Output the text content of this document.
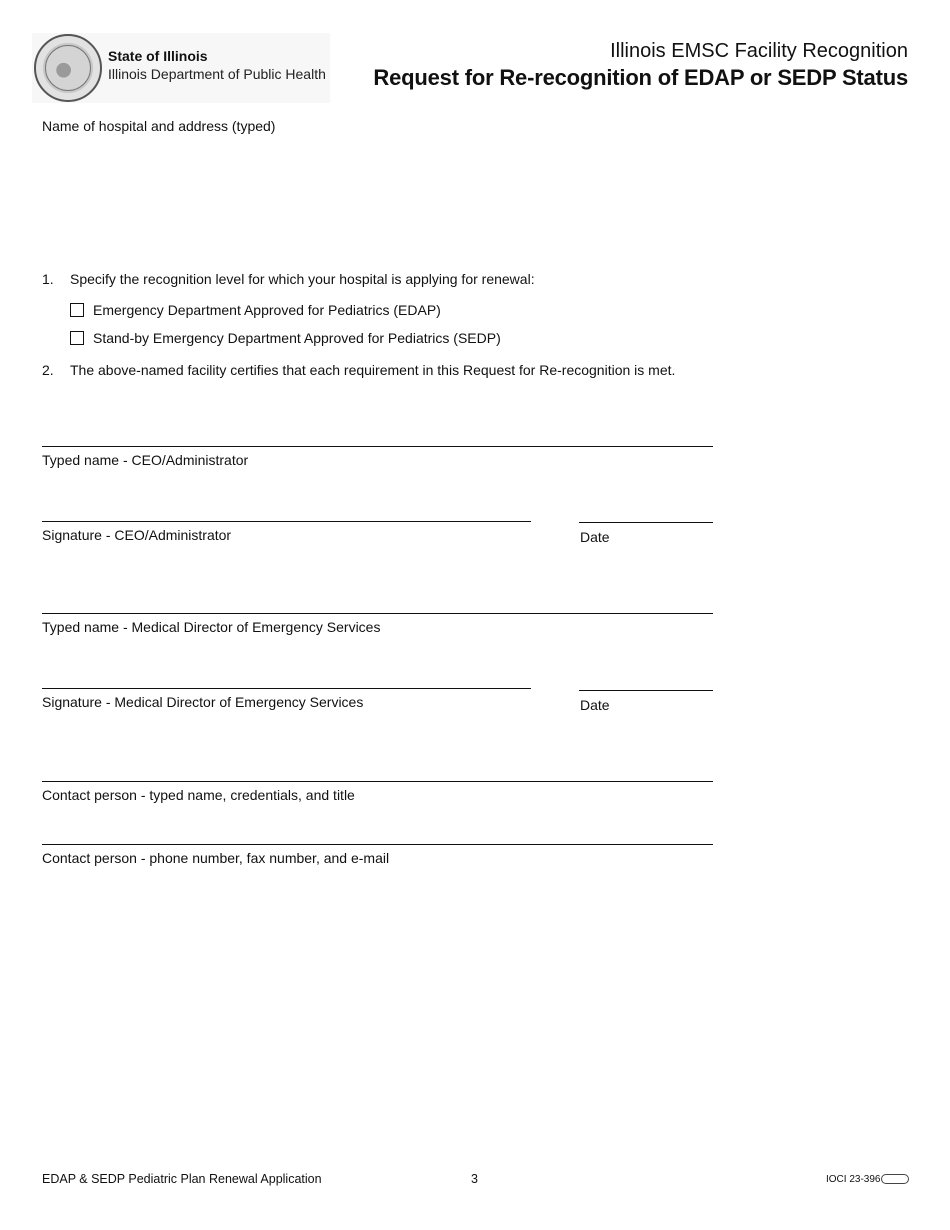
State of Illinois
Illinois Department of Public Health
Illinois EMSC Facility Recognition
Request for Re-recognition of EDAP or SEDP Status
Name of hospital and address (typed)
1. Specify the recognition level for which your hospital is applying for renewal:
Emergency Department Approved for Pediatrics (EDAP)
Stand-by Emergency Department Approved for Pediatrics (SEDP)
2. The above-named facility certifies that each requirement in this Request for Re-recognition is met.
Typed name - CEO/Administrator
Signature - CEO/Administrator	Date
Typed name - Medical Director of Emergency Services
Signature - Medical Director of Emergency Services	Date
Contact person - typed name, credentials, and title
Contact person - phone number, fax number, and e-mail
EDAP & SEDP Pediatric Plan Renewal Application	3	IOCI 23-396
